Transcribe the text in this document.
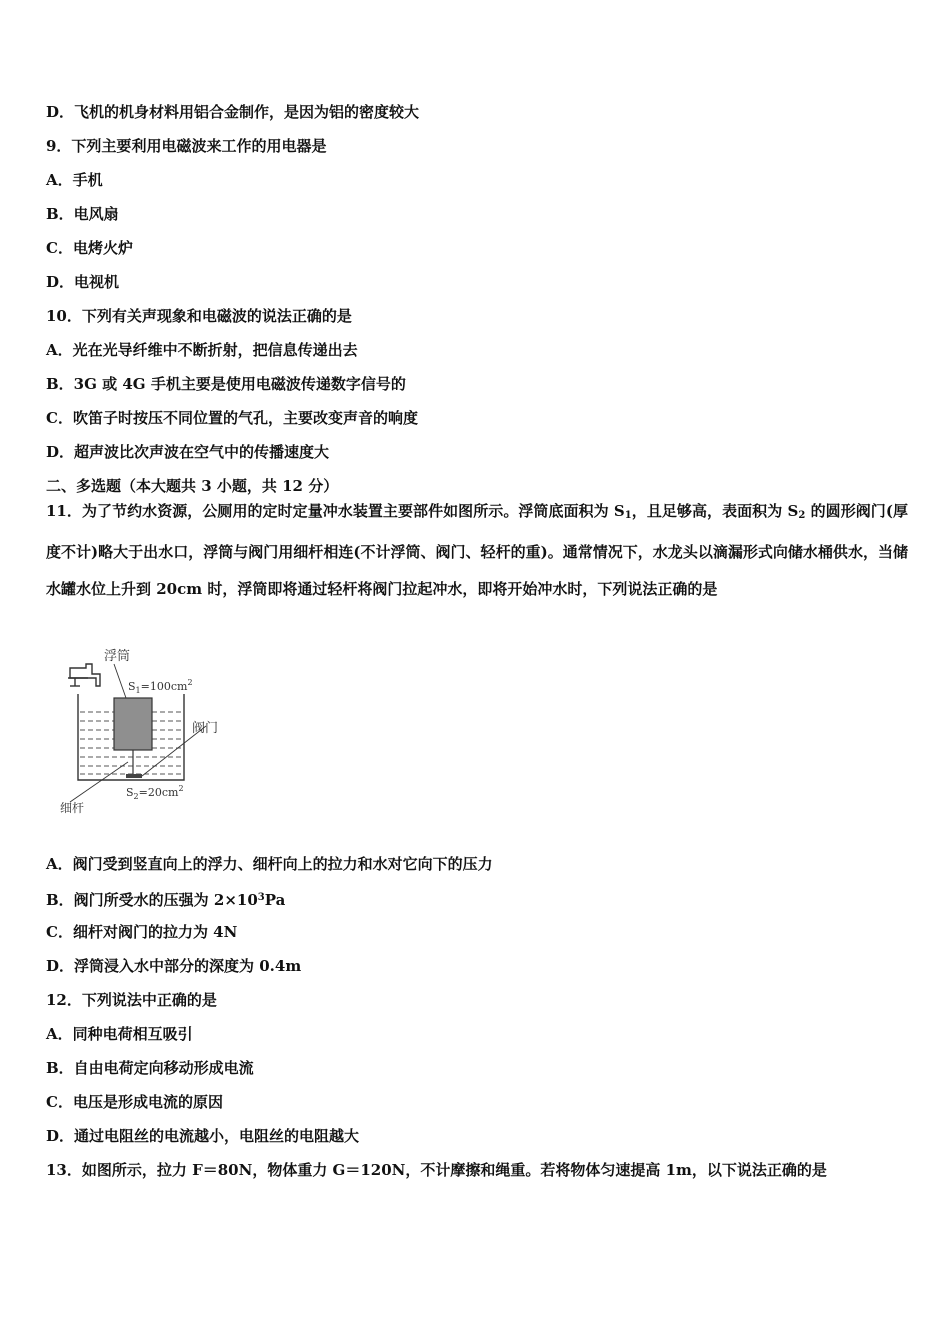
D．飞机的机身材料用铝合金制作，是因为铝的密度较大
9．下列主要利用电磁波来工作的用电器是
A．手机
B．电风扇
C．电烤火炉
D．电视机
10．下列有关声现象和电磁波的说法正确的是
A．光在光导纤维中不断折射，把信息传递出去
B．3G 或 4G 手机主要是使用电磁波传递数字信号的
C．吹笛子时按压不同位置的气孔，主要改变声音的响度
D．超声波比次声波在空气中的传播速度大
二、多选题（本大题共 3 小题，共 12 分）
11．为了节约水资源，公厕用的定时定量冲水装置主要部件如图所示。浮筒底面积为 $S_1$，且足够高，表面积为 $S_2$ 的圆形阀门(厚度不计)略大于出水口，浮筒与阀门用细杆相连(不计浮筒、阀门、轻杆的重)。通常情况下，水龙头以滴漏形式向储水桶供水，当储水罐水位上升到 20cm 时，浮筒即将通过轻杆将阀门拉起冲水，即将开始冲水时，下列说法正确的是
浮筒
$S_1=100cm^2$
阀门
$S_2=20cm^2$
细杆
A．阀门受到竖直向上的浮力、细杆向上的拉力和水对它向下的压力
B．阀门所受水的压强为 $2\times 10^3Pa$
C．细杆对阀门的拉力为 4N
D．浮筒浸入水中部分的深度为 0.4m
12．下列说法中正确的是
A．同种电荷相互吸引
B．自由电荷定向移动形成电流
C．电压是形成电流的原因
D．通过电阻丝的电流越小，电阻丝的电阻越大
13．如图所示，拉力 F＝80N，物体重力 G＝120N，不计摩擦和绳重。若将物体匀速提高 1m，以下说法正确的是
